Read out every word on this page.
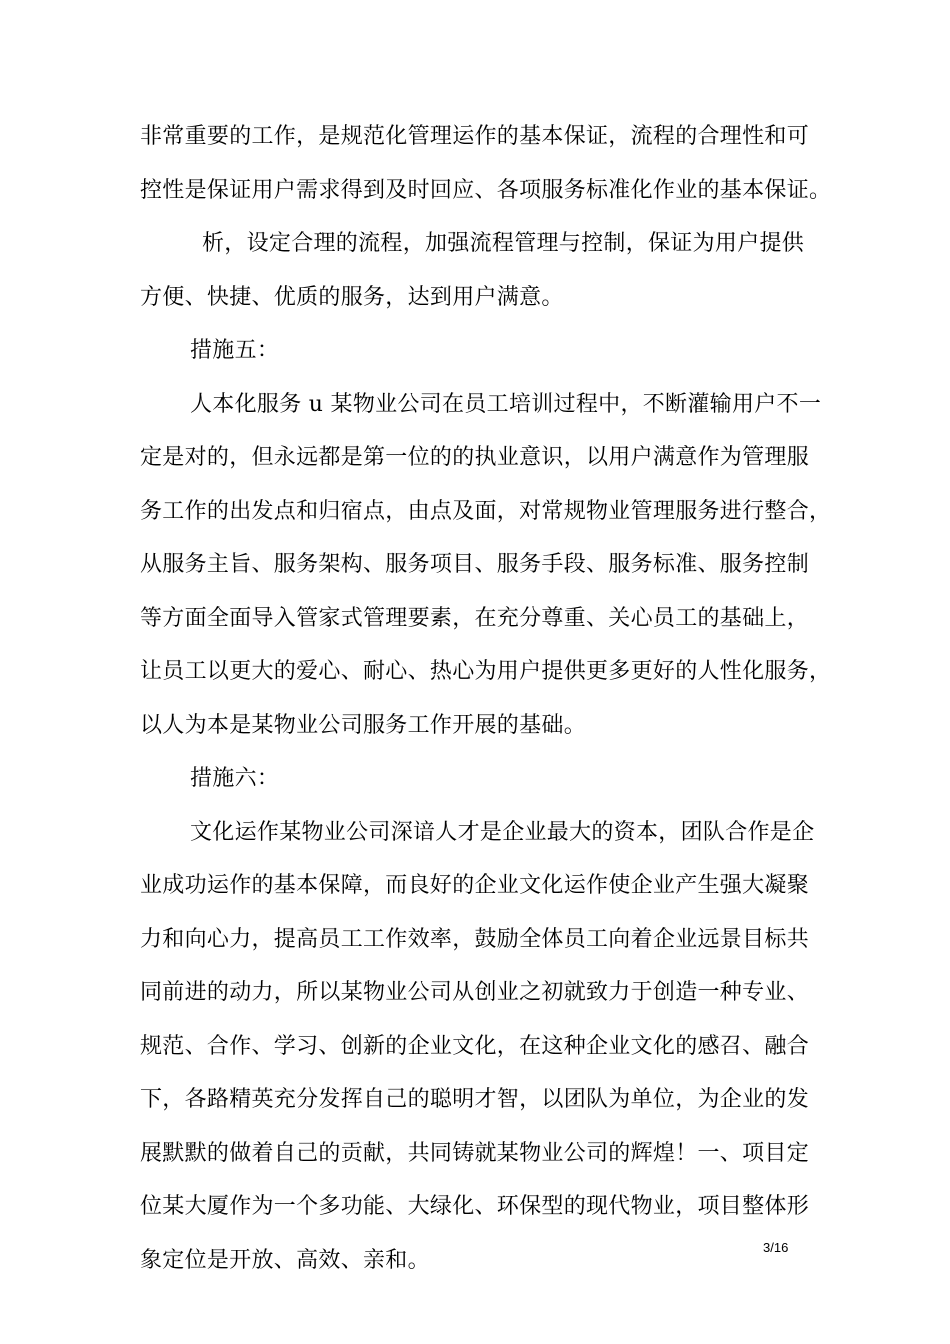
非常重要的工作，是规范化管理运作的基本保证，流程的合理性和可
控性是保证用户需求得到及时回应、各项服务标准化作业的基本保证。
析，设定合理的流程，加强流程管理与控制，保证为用户提供
方便、快捷、优质的服务，达到用户满意。
措施五：
人本化服务 u 某物业公司在员工培训过程中，不断灌输用户不一
定是对的，但永远都是第一位的的执业意识，以用户满意作为管理服
务工作的出发点和归宿点，由点及面，对常规物业管理服务进行整合，
从服务主旨、服务架构、服务项目、服务手段、服务标准、服务控制
等方面全面导入管家式管理要素，在充分尊重、关心员工的基础上，
让员工以更大的爱心、耐心、热心为用户提供更多更好的人性化服务，
以人为本是某物业公司服务工作开展的基础。
措施六：
文化运作某物业公司深谙人才是企业最大的资本，团队合作是企
业成功运作的基本保障，而良好的企业文化运作使企业产生强大凝聚
力和向心力，提高员工工作效率，鼓励全体员工向着企业远景目标共
同前进的动力，所以某物业公司从创业之初就致力于创造一种专业、
规范、合作、学习、创新的企业文化，在这种企业文化的感召、融合
下，各路精英充分发挥自己的聪明才智，以团队为单位，为企业的发
展默默的做着自己的贡献，共同铸就某物业公司的辉煌！一、项目定
位某大厦作为一个多功能、大绿化、环保型的现代物业，项目整体形
象定位是开放、高效、亲和。	3/16
